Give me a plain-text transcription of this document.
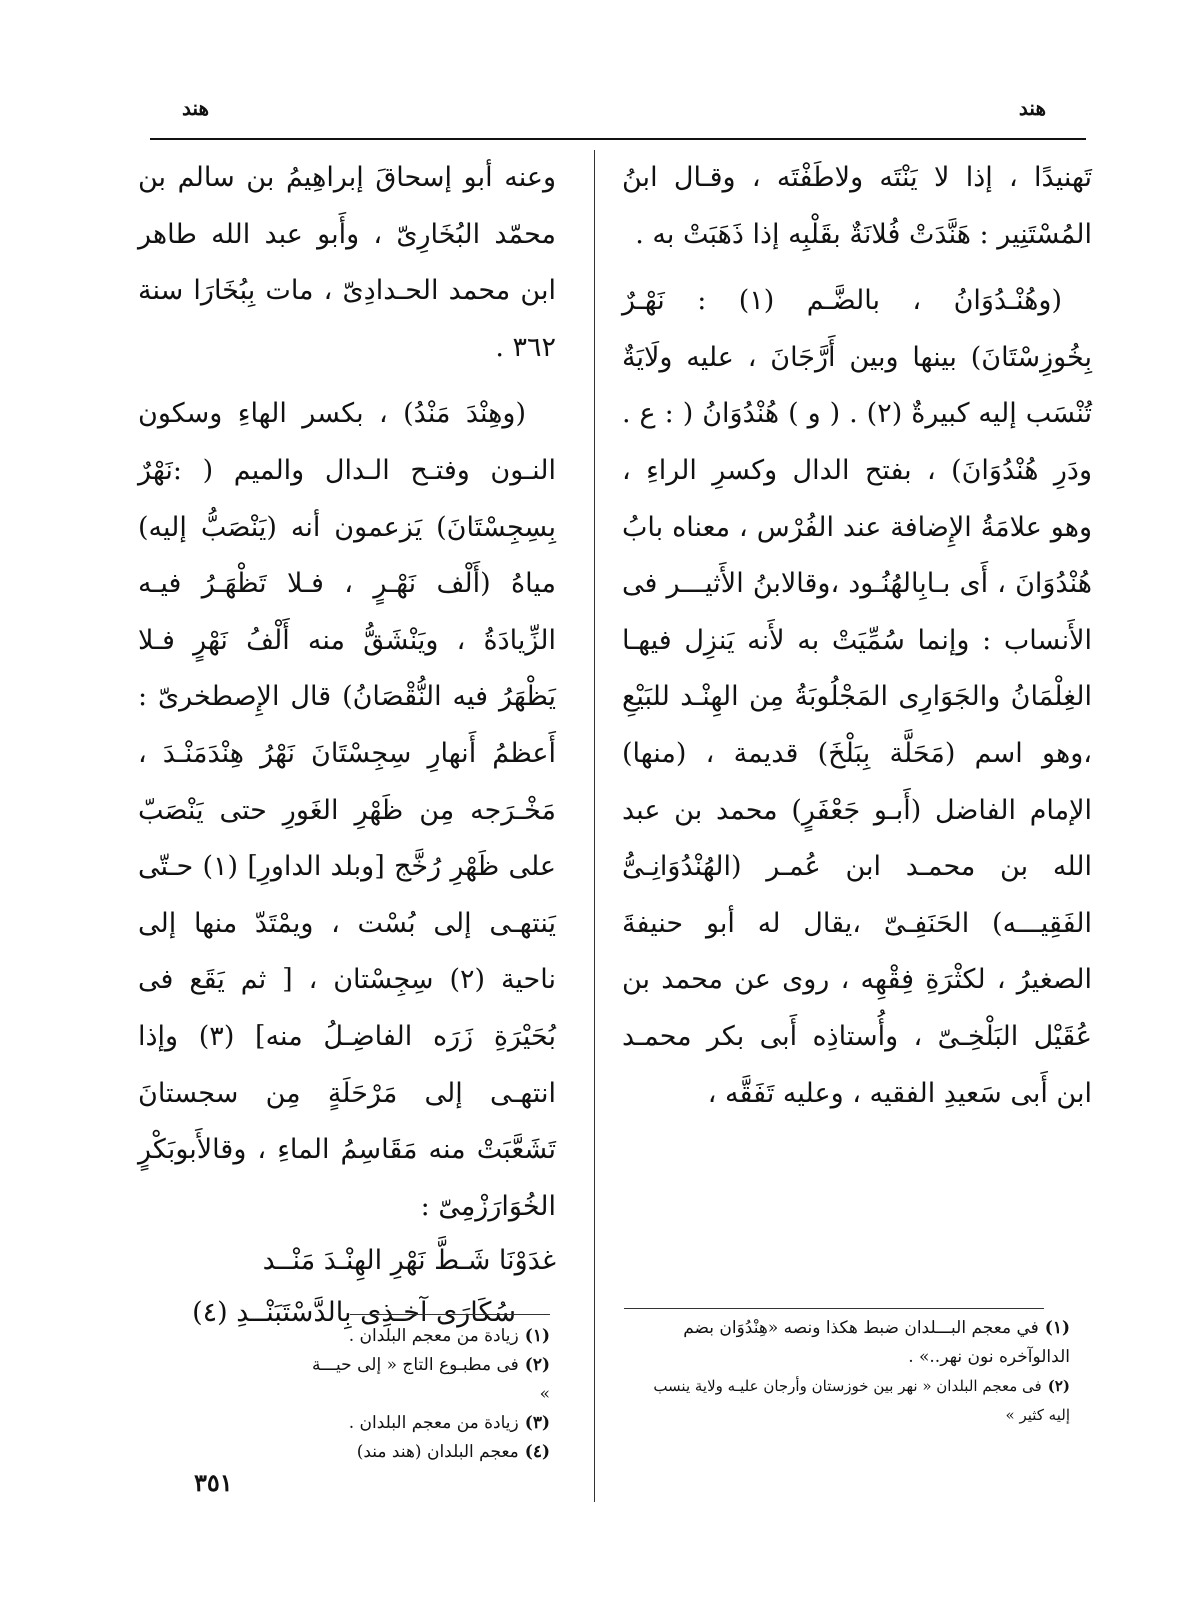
هند
هند

تَهنيدًا ، إذا لا يَنْتَه ولاطَفْتَه ، وقـال ابنُ المُسْتَنِير : هَنَّدَتْ فُلانَةٌ بقَلْبِه إذا ذَهَبَتْ به .

(وهُنْـدُوَانُ ، بالضَّـم (١) : نَهْـرٌ بِخُوزِسْتَانَ) بينها وبين أَرَّجَانَ ، عليه ولَايَةٌ تُنْسَب إليه كبيرةٌ (٢) . ( و ) هُنْدُوَانُ ( : ع . ودَرِ هُنْدُوَانَ) ، بفتح الدال وكسرِ الراءِ ، وهو علامَةُ الإِضافة عند الفُرْس ، معناه بابُ هُنْدُوَانَ ، أَى بـابِالهُنُـود ،وقالابنُ الأَثيـــر فى الأَنساب : وإنما سُمِّيَتْ به لأَنه يَنزِل فيهـا الغِلْمَانُ والجَوَارِى المَجْلُوبَةُ مِن الهِنْـد للبَيْعِ ،وهو اسم (مَحَلَّة بِبَلْخَ) قديمة ، (منها) الإمام الفاضل (أَبـو جَعْفَرٍ) محمد بن عبد الله بن محمـد ابن عُمـر (الهُنْدُوَانِـىُّ الفَقِيـــه) الحَنَفِـىّ ،يقال له أبو حنيفةَ الصغيرُ ، لكثْرَةِ فِقْهِه ، روى عن محمد بن عُقَيْل البَلْخِـىّ ، وأُستاذِه أَبى بكر محمـد ابن أَبى سَعيدِ الفقيه ، وعليه تَفَقَّه ،

وعنه أبو إسحاقَ إبراهِيمُ بن سالم بن محمّد البُخَارِىّ ، وأَبو عبد الله طاهر ابن محمد الحـدادِىّ ، مات بِبُخَارَا سنة ٣٦٢ .

(وهِنْدَ مَنْدُ) ، بكسر الهاءِ وسكون النـون وفتـح الـدال والميم ( :نَهْرٌ بِسِجِسْتَانَ) يَزعمون أنه (يَنْصَبُّ إليه) مياهُ (أَلْف نَهْـرٍ ، فـلا تَظْهَـرُ فيـه الزِّيادَةُ ، ويَنْشَقُّ منه أَلْفُ نَهْرٍ فـلا يَظْهَرُ فيه النُّقْصَانُ) قال الإِصطخرىّ : أَعظمُ أَنهارِ سِجِسْتَانَ نَهْرُ هِنْدَمَنْـدَ ، مَخْـرَجه مِن ظَهْرِ الغَورِ حتى يَنْصَبّ على ظَهْرِ رُخَّج [وبلد الداورِ] (١) حـتّى يَنتهـى إلى بُسْت ، ويمْتَدّ منها إلى ناحية (٢) سِجِسْتان ، [ ثم يَقَع فى بُحَيْرَةِ زَرَه الفاضِـلُ منه] (٣) وإذا انتهـى إلى مَرْحَلَةٍ مِن سجستانَ تَشَعَّبَتْ منه مَقَاسِمُ الماءِ ، وقالأَبوبَكْرٍ الخُوَارَزْمِىّ :

غدَوْنَا شَـطَّ نَهْرِ الهِنْـدَ مَنْــد

سُكَارَى آخـذِى بِالدَّسْتَبَنْــدِ (٤)	(١)في معجم البـــلدان ضبط هكذا ونصه «هِنْدُوَان بضم الدالوآخره نون نهر..» .

(٢)فى معجم البلدان « نهر بين خوزستان وأرجان عليـه ولاية ينسب إليه كثير »

(١)زيادة من معجم البلدان .

(٢)فى مطبـوع التاج « إلى حيـــة »

(٣)زيادة من معجم البلدان .

(٤)معجم البلدان (هند مند)

٣٥١
